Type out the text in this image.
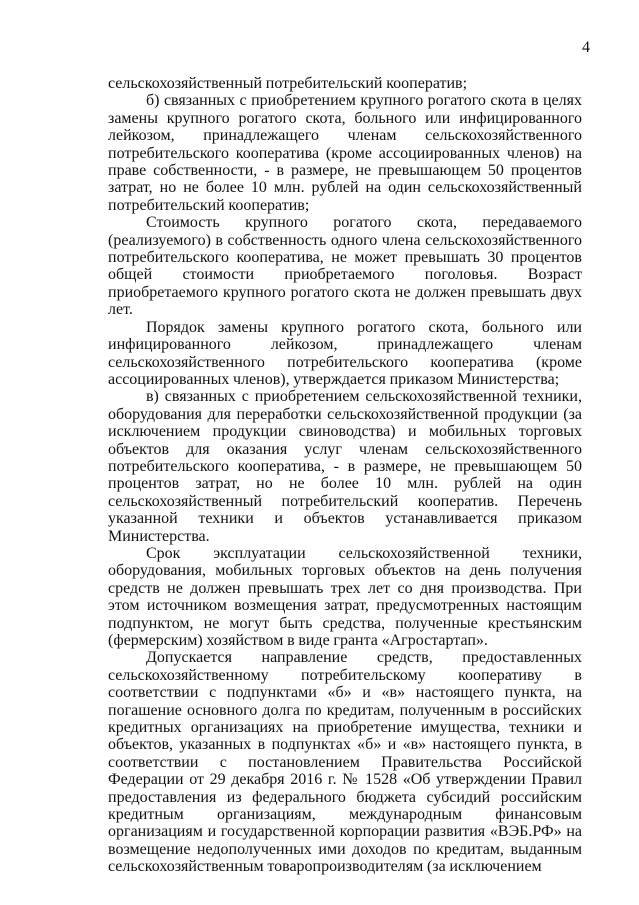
4

сельскохозяйственный потребительский кооператив;

б) связанных с приобретением крупного рогатого скота в целях замены крупного рогатого скота, больного или инфицированного лейкозом, принадлежащего членам сельскохозяйственного потребительского кооператива (кроме ассоциированных членов) на праве собственности, - в размере, не превышающем 50 процентов затрат, но не более 10 млн. рублей на один сельскохозяйственный потребительский кооператив;

Стоимость крупного рогатого скота, передаваемого (реализуемого) в собственность одного члена сельскохозяйственного потребительского кооператива, не может превышать 30 процентов общей стоимости приобретаемого поголовья. Возраст приобретаемого крупного рогатого скота не должен превышать двух лет.

Порядок замены крупного рогатого скота, больного или инфицированного лейкозом, принадлежащего членам сельскохозяйственного потребительского кооператива (кроме ассоциированных членов), утверждается приказом Министерства;

в) связанных с приобретением сельскохозяйственной техники, оборудования для переработки сельскохозяйственной продукции (за исключением продукции свиноводства) и мобильных торговых объектов для оказания услуг членам сельскохозяйственного потребительского кооператива, - в размере, не превышающем 50 процентов затрат, но не более 10 млн. рублей на один сельскохозяйственный потребительский кооператив. Перечень указанной техники и объектов устанавливается приказом Министерства.

Срок эксплуатации сельскохозяйственной техники, оборудования, мобильных торговых объектов на день получения средств не должен превышать трех лет со дня производства. При этом источником возмещения затрат, предусмотренных настоящим подпунктом, не могут быть средства, полученные крестьянским (фермерским) хозяйством в виде гранта «Агростартап».

Допускается направление средств, предоставленных сельскохозяйственному потребительскому кооперативу в соответствии с подпунктами «б» и «в» настоящего пункта, на погашение основного долга по кредитам, полученным в российских кредитных организациях на приобретение имущества, техники и объектов, указанных в подпунктах «б» и «в» настоящего пункта, в соответствии с постановлением Правительства Российской Федерации от 29 декабря 2016 г. № 1528 «Об утверждении Правил предоставления из федерального бюджета субсидий российским кредитным организациям, международным финансовым организациям и государственной корпорации развития «ВЭБ.РФ» на возмещение недополученных ими доходов по кредитам, выданным сельскохозяйственным товаропроизводителям (за исключением
